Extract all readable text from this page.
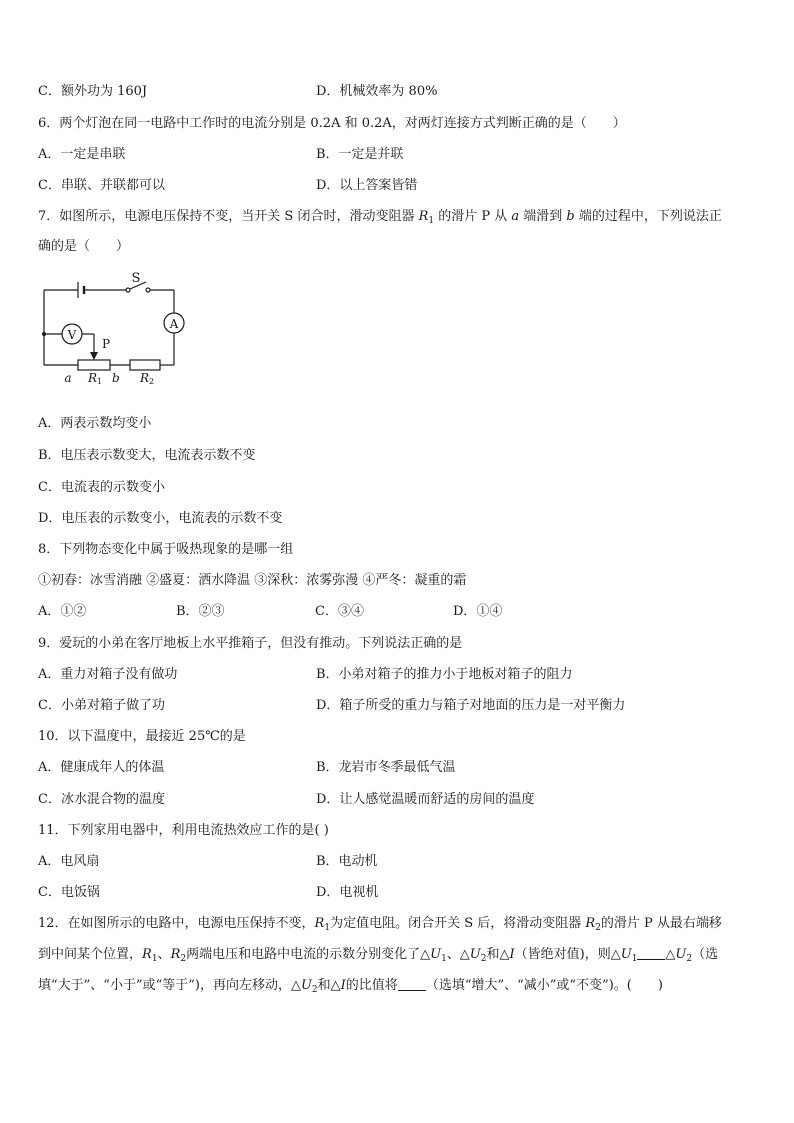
C．额外功为 160J	D．机械效率为 80%
6．两个灯泡在同一电路中工作时的电流分别是 0.2A 和 0.2A，对两灯连接方式判断正确的是（　　）
A．一定是串联	B．一定是并联
C．串联、并联都可以	D．以上答案皆错
7．如图所示，电源电压保持不变，当开关 S 闭合时，滑动变阻器 $R_1$ 的滑片 P 从 a 端滑到 b 端的过程中，下列说法正
确的是（　　）
S
A
V
P
a R 1 b R 2
A．两表示数均变小
B．电压表示数变大，电流表示数不变
C．电流表的示数变小
D．电压表的示数变小，电流表的示数不变
8．下列物态变化中属于吸热现象的是哪一组
①初春：冰雪消融 ②盛夏：洒水降温 ③深秋：浓雾弥漫 ④严冬：凝重的霜
A．①②	B．②③	C．③④	D．①④
9．爱玩的小弟在客厅地板上水平推箱子，但没有推动。下列说法正确的是
A．重力对箱子没有做功	B．小弟对箱子的推力小于地板对箱子的阻力
C．小弟对箱子做了功	D．箱子所受的重力与箱子对地面的压力是一对平衡力
10．以下温度中，最接近 25℃的是
A．健康成年人的体温	B．龙岩市冬季最低气温
C．冰水混合物的温度	D．让人感觉温暖而舒适的房间的温度
11．下列家用电器中，利用电流热效应工作的是( )
A．电风扇	B．电动机
C．电饭锅	D．电视机
12．在如图所示的电路中，电源电压保持不变，$R_1$为定值电阻。闭合开关 S 后，将滑动变阻器 $R_2$的滑片 P 从最右端移
到中间某个位置，$R_1$、$R_2$两端电压和电路中电流的示数分别变化了$\triangle U_1$、$\triangle U_2$和△I（皆绝对值)，则$\triangle U_1$ $\triangle U_2$（选
填“大于”、“小于”或“等于”)，再向左移动，$\triangle U_2$和△I的比值将 （选填“增大”、“减小”或“不变”)。(　　)
